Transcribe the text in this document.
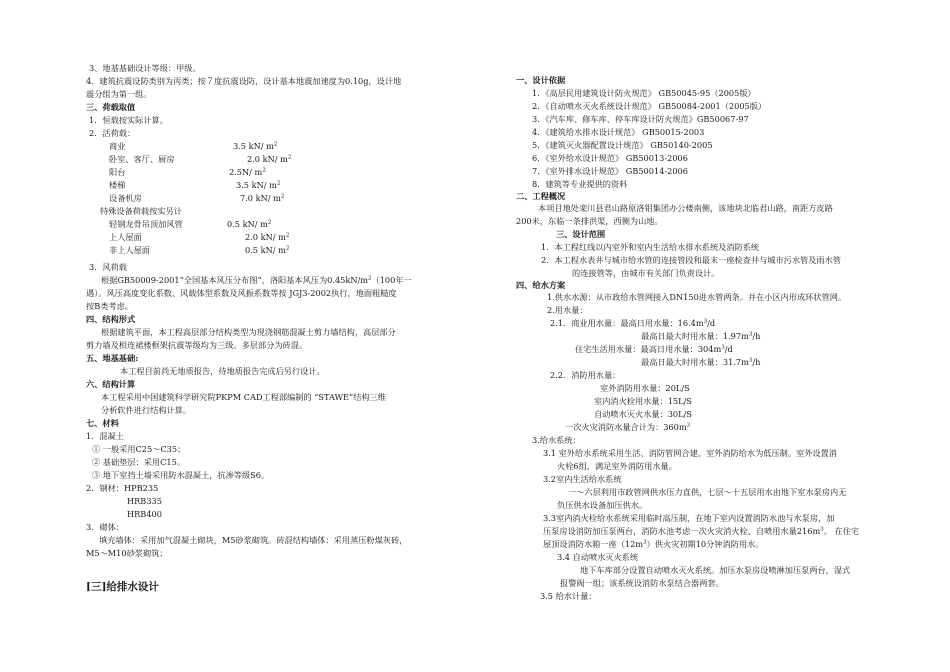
3、地基基础设计等级：甲级。
4．建筑抗震设防类别为丙类；按７度抗震设防，设计基本地震加速度为0.10g，设计地
震分组为第一组。
三、荷载取值
1．恒载按实际计算。
2．活荷载：
商业	3.5 kN/ $m^2$
卧室、客厅、厨房	2.0 kN/ $m^2$
阳台	2.5N/ $m^2$
楼梯	3.5 kN/ $m^2$
设备机房	7.0 kN/ $m^2$
特殊设备荷载按实另计
轻钢龙骨吊顶加风管	0.5 kN/ $m^2$
上人屋面	2.0 kN/ $m^2$
非上人屋面	0.5 kN/ $m^2$
3．风荷载
根据GB50009-2001“全国基本风压分布图”，洛阳基本风压为$0.45kN/m^2(100$年一
遇）。风压高度变化系数、风载体型系数及风振系数等按 JGJ3-2002执行，地面粗糙度
按B类考虑。
四、结构形式
根据建筑平面，本工程高层部分结构类型为现浇钢筋混凝土剪力墙结构，高层部分
剪力墙及相连裙楼框架抗震等级均为三级。多层部分为砖混。
五、地基基础:
本工程目前尚无地质报告，待地质报告完成后另行设计。
六、结构计算
本工程采用中国建筑科学研究院PKPM CAD工程部编制的 “STAWE”结构三维
分析软件进行结构计算。
七、材料
1．混凝土
① 一般采用C25～C35；
② 基础垫层：采用C15。
③ 地下室挡土墙采用防水混凝土，抗渗等级S6。
2．钢材：HPB235
HRB335
HRB400
3．砌体：
填充墙体：采用加气混凝土砌块，M5砂浆砌筑。砖混结构墙体：采用蒸压粉煤灰砖，
M5～M10砂浆砌筑；
[三]给排水设计
一、设计依据
1．《高层民用建筑设计防火规范》 GB50045-95（2005版）
2．《自动喷水灭火系统设计规范》 GB50084-2001（2005版）
3．《汽车库、修车库、停车库设计防火规范》GB50067-97
4．《建筑给水排水设计规范》 GB50015-2003
5．《建筑灭火器配置设计规范》 GB50140-2005
6．《室外给水设计规范》 GB50013-2006
7．《室外排水设计规范》 GB50014-2006
8．建筑等专业提供的资料
二、工程概况
本项目地处栾川县君山路原洛钼集团办公楼南侧，该地块北临君山路，南距方皮路
200米，东临一条排洪渠，西侧为山地。
三、设计范围
1．本工程红线以内室外和室内生活给水排水系统及消防系统
2．本工程水表井与城市给水管的连接管段和最末一座检查井与城市污水管及雨水管
的连接管等，由城市有关部门负责设计。
四、给水方案
1.供水水源：从市政给水管网接入DN150进水管两条。并在小区内形成环状管网。
2.用水量：
2.1．商业用水量：最高日用水量：$16.4m^3/d$
最高日最大时用水量：$1.97m^3/h$
住宅生活用水量：最高日用水量：$304m^3/d$
最高日最大时用水量：$31.7m^3/h$
2.2．消防用水量：
室外消防用水量：20L/S
室内消火栓用水量：15L/S
自动喷水灭火水量：30L/S
一次火灾消防水量合计为：$360m^3$
3.给水系统：
3.1 室外给水系统采用生活、消防管网合建。室外消防给水为低压制。室外设置消
火栓6组，满足室外消防用水量。
3.2室内生活给水系统
一～六层利用市政管网供水压力直供，七层～十五层用水由地下室水泵房内无
负压供水设备加压供水。
3.3室内消火栓给水系统采用临时高压制，在地下室内设置消防水池与水泵房，加
压泵房设消防加压泵两台，消防水池考虑一次火灾消火栓、自喷用水量$216m^3$。 在住宅
屋顶设消防水箱一座$(12m^3)$供火灾初期10分钟消防用水。
3.4 自动喷水灭火系统
地下车库部分设置自动喷水灭火系统。加压水泵房设喷淋加压泵两台，湿式
报警阀一组；该系统设消防水泵结合器两套。
3.5 给水计量：
